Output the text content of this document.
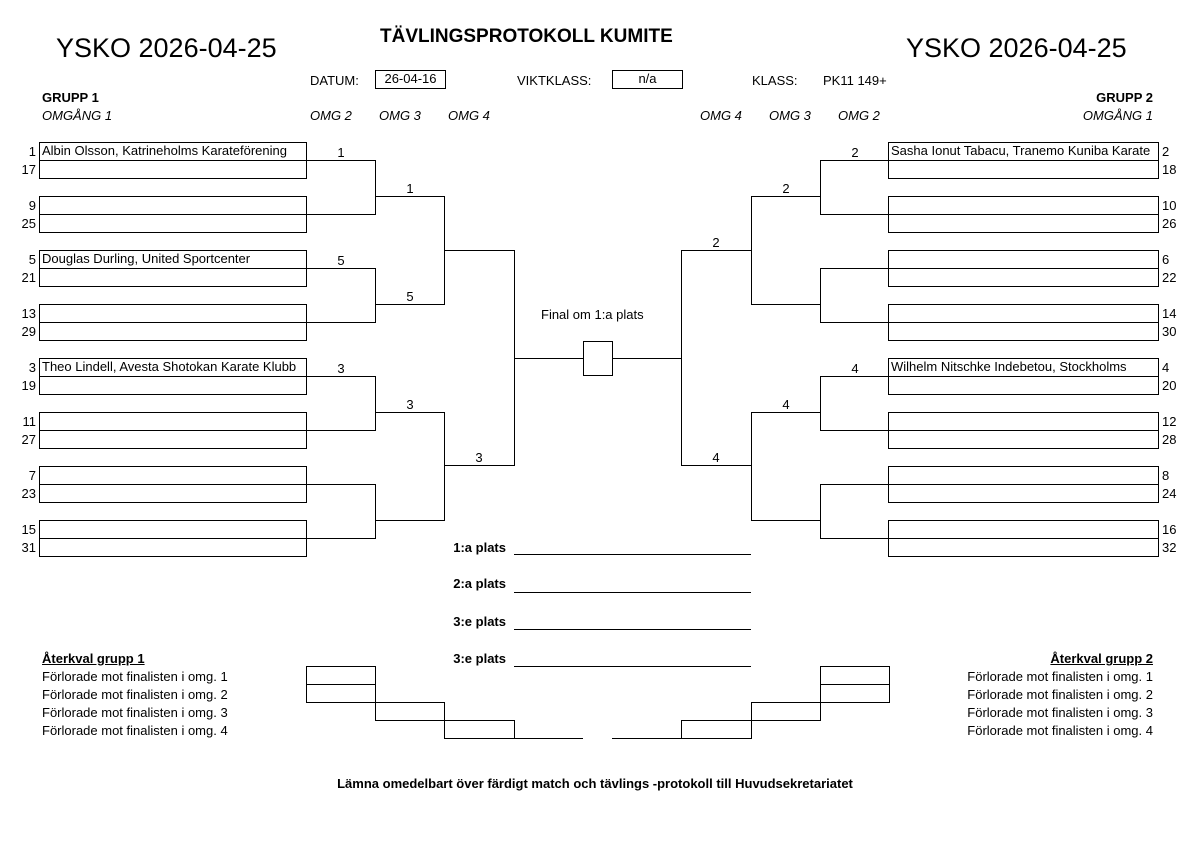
YSKO 2026-04-25	YSKO 2026-04-25
TÄVLINGSPROTOKOLL KUMITE
DATUM:	26-04-16	VIKTKLASS:	n/a	KLASS: PK11 149+
GRUPP 1
OMGÅNG 1	OMG 2 OMG 3 OMG 4
GRUPP 2
OMGÅNG 1
OMG 4 OMG 3 OMG 2
1 Albin Olsson, Katrineholms Karateförening
17
9
25
5 Douglas Durling, United Sportcenter
21
13
29
3 Theo Lindell, Avesta Shotokan Karate Klubb
19
11
27
7
23
15
31
1
5
3
1
5
3
3
2
Sasha Ionut Tabacu, Tranemo Kuniba Karate
18
10
26
6
22
14
30
4
Wilhelm Nitschke Indebetou, Stockholms
20
12
28
8
24
16
32
2
4
2
4
2
4
Final om 1:a plats
1:a plats
2:a plats
3:e plats
3:e plats
Återkval grupp 1
Förlorade mot finalisten i omg. 1
Förlorade mot finalisten i omg. 2
Förlorade mot finalisten i omg. 3
Förlorade mot finalisten i omg. 4
Återkval grupp 2
Förlorade mot finalisten i omg. 1
Förlorade mot finalisten i omg. 2
Förlorade mot finalisten i omg. 3
Förlorade mot finalisten i omg. 4
Lämna omedelbart över färdigt match och tävlings -protokoll till Huvudsekretariatet
